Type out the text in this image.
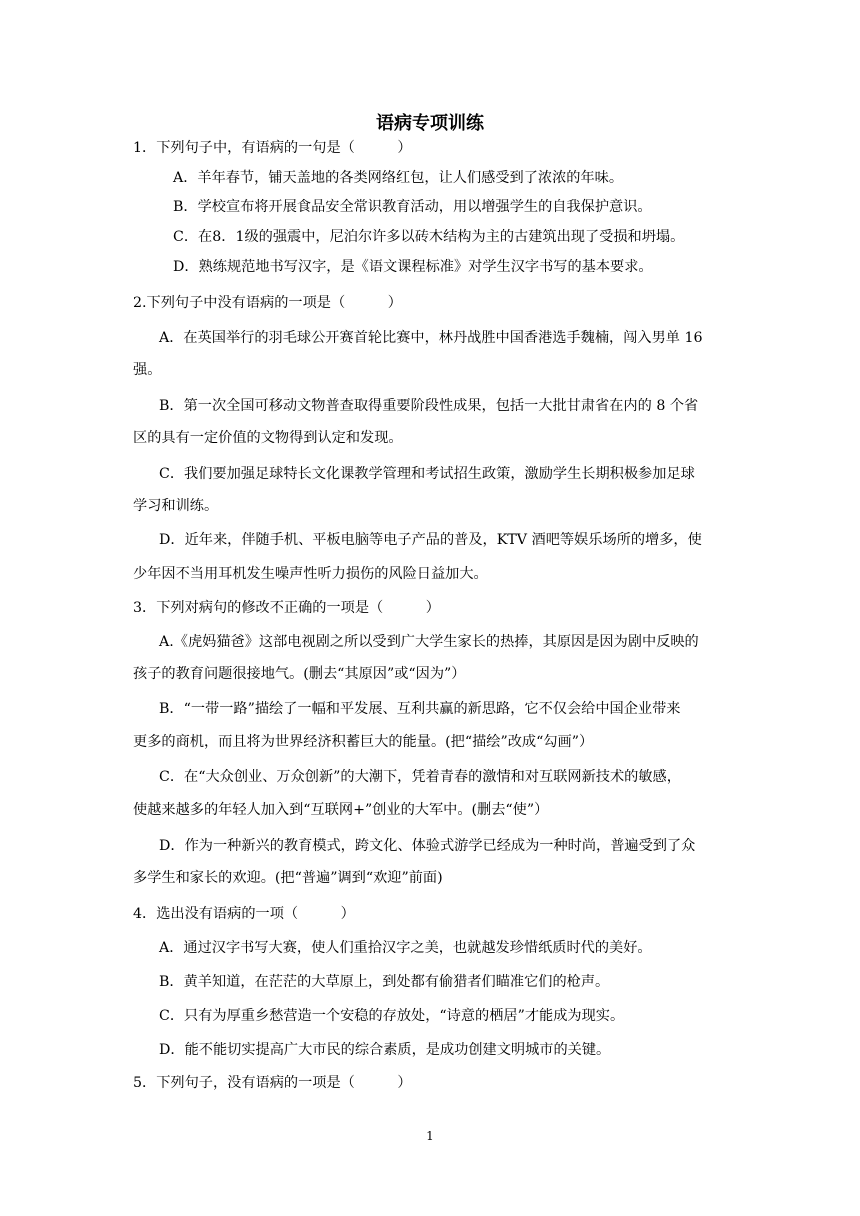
语病专项训练
1．下列句子中，有语病的一句是（　　　）
A．羊年春节，铺天盖地的各类网络红包，让人们感受到了浓浓的年味。
B．学校宣布将开展食品安全常识教育活动，用以增强学生的自我保护意识。
C．在8．1级的强震中，尼泊尔许多以砖木结构为主的古建筑出现了受损和坍塌。
D．熟练规范地书写汉字，是《语文课程标准》对学生汉字书写的基本要求。
2.下列句子中没有语病的一项是（　　　）
A．在英国举行的羽毛球公开赛首轮比赛中，林丹战胜中国香港选手魏楠，闯入男单 16
强。
B．第一次全国可移动文物普查取得重要阶段性成果，包括一大批甘肃省在内的 8 个省
区的具有一定价值的文物得到认定和发现。
C．我们要加强足球特长文化课教学管理和考试招生政策，激励学生长期积极参加足球
学习和训练。
D．近年来，伴随手机、平板电脑等电子产品的普及，KTV 酒吧等娱乐场所的增多，使
少年因不当用耳机发生噪声性听力损伤的风险日益加大。
3．下列对病句的修改不正确的一项是（　　　）
A.《虎妈猫爸》这部电视剧之所以受到广大学生家长的热捧，其原因是因为剧中反映的
孩子的教育问题很接地气。(删去“其原因”或“因为”）
B．“一带一路”描绘了一幅和平发展、互利共赢的新思路，它不仅会给中国企业带来
更多的商机，而且将为世界经济积蓄巨大的能量。(把“描绘”改成“勾画”）
C．在“大众创业、万众创新”的大潮下，凭着青春的激情和对互联网新技术的敏感，
使越来越多的年轻人加入到“互联网+”创业的大军中。(删去“使”）
D．作为一种新兴的教育模式，跨文化、体验式游学已经成为一种时尚，普遍受到了众
多学生和家长的欢迎。(把“普遍”调到“欢迎”前面)
4．选出没有语病的一项（　　　）
A．通过汉字书写大赛，使人们重拾汉字之美，也就越发珍惜纸质时代的美好。
B．黄羊知道，在茫茫的大草原上，到处都有偷猎者们瞄准它们的枪声。
C．只有为厚重乡愁营造一个安稳的存放处，“诗意的栖居”才能成为现实。
D．能不能切实提高广大市民的综合素质，是成功创建文明城市的关键。
5．下列句子，没有语病的一项是（　　　）
1
